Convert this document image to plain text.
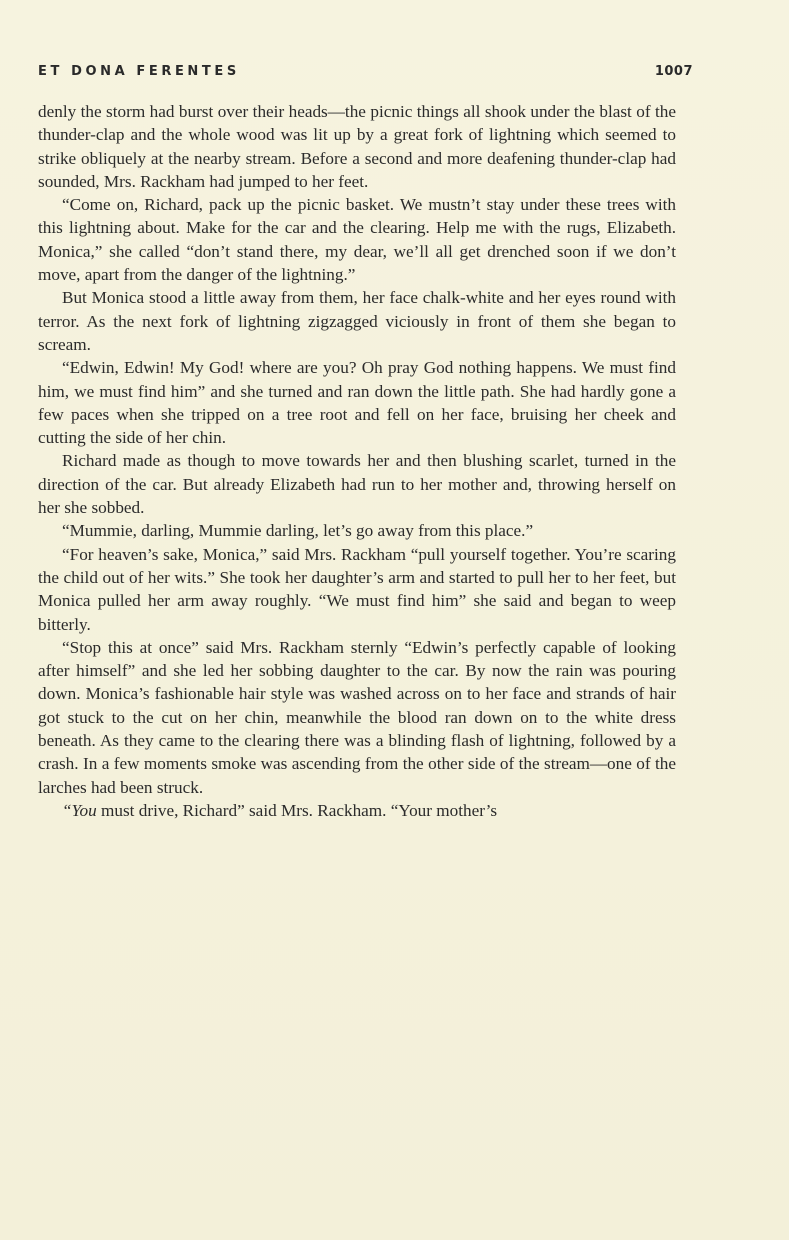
ET DONA FERENTES	1007

denly the storm had burst over their heads—the picnic things all shook under the blast of the thunder-clap and the whole wood was lit up by a great fork of lightning which seemed to strike obliquely at the nearby stream. Before a second and more deafening thunder-clap had sounded, Mrs. Rackham had jumped to her feet.

“Come on, Richard, pack up the picnic basket. We mustn’t stay under these trees with this lightning about. Make for the car and the clearing. Help me with the rugs, Elizabeth. Monica,” she called “don’t stand there, my dear, we’ll all get drenched soon if we don’t move, apart from the danger of the lightning.”

But Monica stood a little away from them, her face chalk-white and her eyes round with terror. As the next fork of lightning zigzagged viciously in front of them she began to scream.

“Edwin, Edwin! My God! where are you? Oh pray God nothing happens. We must find him, we must find him” and she turned and ran down the little path. She had hardly gone a few paces when she tripped on a tree root and fell on her face, bruising her cheek and cutting the side of her chin.

Richard made as though to move towards her and then blushing scarlet, turned in the direction of the car. But already Elizabeth had run to her mother and, throwing herself on her she sobbed.

“Mummie, darling, Mummie darling, let’s go away from this place.”

“For heaven’s sake, Monica,” said Mrs. Rackham “pull yourself together. You’re scaring the child out of her wits.” She took her daughter’s arm and started to pull her to her feet, but Monica pulled her arm away roughly. “We must find him” she said and began to weep bitterly.

“Stop this at once” said Mrs. Rackham sternly “Edwin’s perfectly capable of looking after himself” and she led her sobbing daughter to the car. By now the rain was pouring down. Monica’s fashionable hair style was washed across on to her face and strands of hair got stuck to the cut on her chin, meanwhile the blood ran down on to the white dress beneath. As they came to the clearing there was a blinding flash of lightning, followed by a crash. In a few moments smoke was ascending from the other side of the stream—one of the larches had been struck.

“You must drive, Richard” said Mrs. Rackham. “Your mother’s
